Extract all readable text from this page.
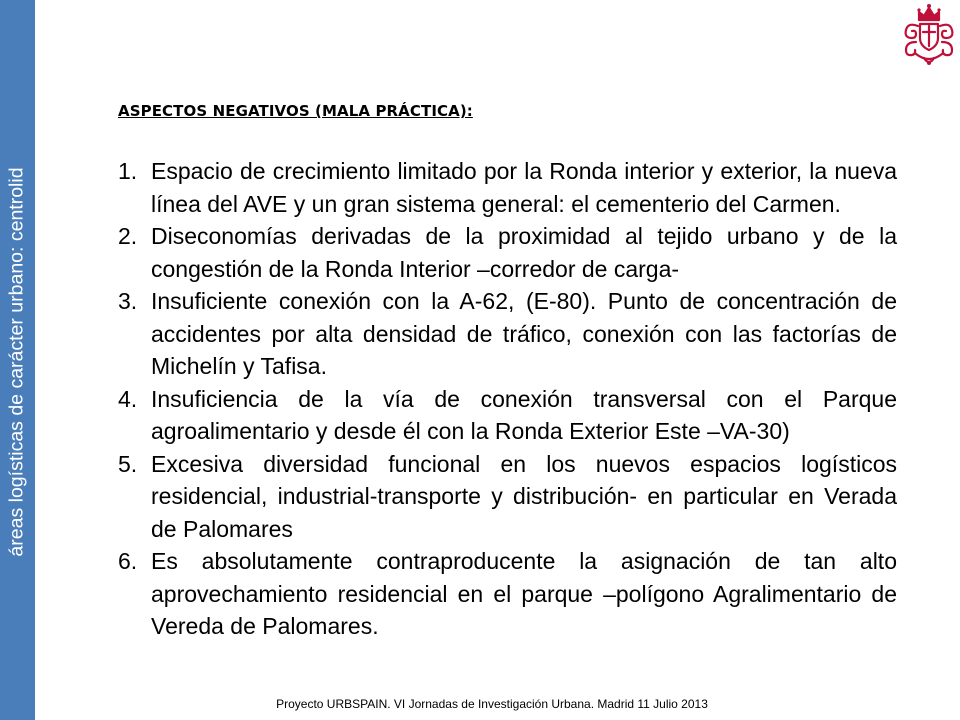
áreas logísticas de carácter urbano: centrolid
ASPECTOS NEGATIVOS (MALA PRÁCTICA):
1. Espacio de crecimiento limitado por la Ronda interior y exterior, la nueva línea del AVE y un gran sistema general: el cementerio del Carmen.
2. Diseconomías derivadas de la proximidad al tejido urbano y de la congestión de la Ronda Interior –corredor de carga-
3. Insuficiente conexión con la A-62, (E-80). Punto de concentración de accidentes por alta densidad de tráfico, conexión con las factorías de Michelín y Tafisa.
4. Insuficiencia de la vía de conexión transversal con el Parque agroalimentario y desde él con la Ronda Exterior Este –VA-30)
5. Excesiva diversidad funcional en los nuevos espacios logísticos residencial, industrial-transporte y distribución- en particular en Verada de Palomares
6. Es absolutamente contraproducente la asignación de tan alto aprovechamiento residencial en el parque –polígono Agralimentario de Vereda de Palomares.
Proyecto URBSPAIN. VI Jornadas de Investigación Urbana. Madrid 11 Julio 2013
